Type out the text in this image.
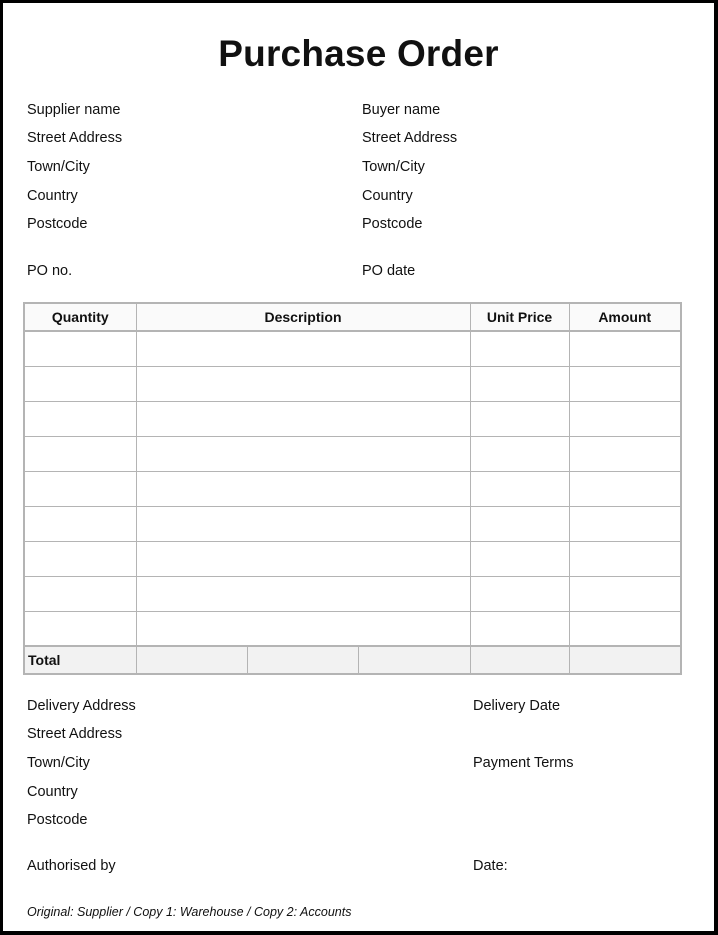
Purchase Order
Supplier name
Street Address
Town/City
Country
Postcode
Buyer name
Street Address
Town/City
Country
Postcode
PO no.	PO date
Quantity	Description			Unit Price	Amount

Total					
Delivery Address
Street Address
Town/City
Country
Postcode
Delivery Date
Payment Terms
Authorised by	Date:
Original: Supplier / Copy 1: Warehouse / Copy 2: Accounts
